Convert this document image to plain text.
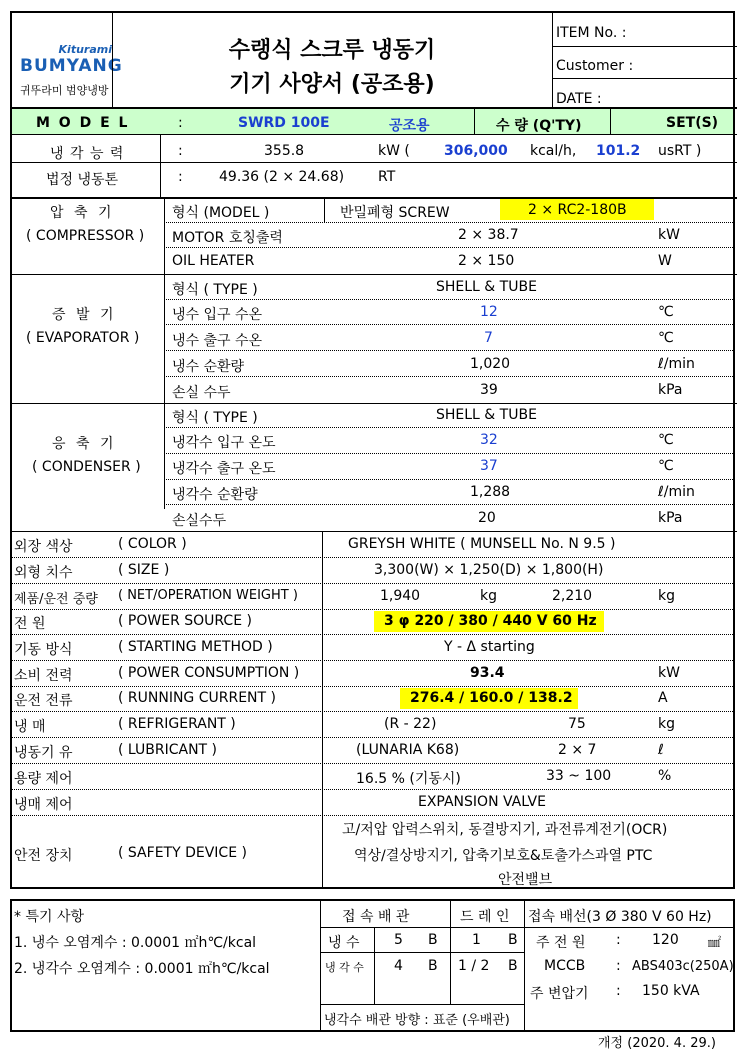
Kiturami
BUMYANG
귀뚜라미 범양냉방
수랭식 스크루 냉동기
기기 사양서 (공조용)
ITEM No. :
Customer :
DATE :
M O D E L	:	SWRD 100E	공조용	수 량 (Q'TY)	SET(S)
냉 각 능 력	:	355.8	kW ( 306,000 kcal/h, 101.2 usRT )
법정 냉동톤	:	49.36 (2 × 24.68) RT
압 축 기
( COMPRESSOR )
형식 (MODEL )	반밀폐형 SCREW	2 × RC2-180B
MOTOR 호칭출력	2 × 38.7	kW
OIL HEATER	2 × 150	W
증 발 기
( EVAPORATOR )
형식 ( TYPE )	SHELL & TUBE
냉수 입구 수온	12	℃
냉수 출구 수온	7	℃
냉수 순환량	1,020	ℓ/min
손실 수두	39	kPa
응 축 기
( CONDENSER )
형식 ( TYPE )	SHELL & TUBE
냉각수 입구 온도	32	℃
냉각수 출구 온도	37	℃
냉각수 순환량	1,288	ℓ/min
손실수두	20	kPa
외장 색상	( COLOR )	GREYSH WHITE ( MUNSELL No. N 9.5 )
외형 치수	( SIZE )	3,300(W) × 1,250(D) × 1,800(H)
제품/운전 중량 ( NET/OPERATION WEIGHT )	1,940	kg	2,210	kg
전 원	( POWER SOURCE )	3 φ 220 / 380 / 440 V 60 Hz
기동 방식	( STARTING METHOD )	Y - Δ starting
소비 전력	( POWER CONSUMPTION )	93.4	kW
운전 전류	( RUNNING CURRENT )	276.4 / 160.0 / 138.2	A
냉 매	( REFRIGERANT )	(R - 22)	75	kg
냉동기 유	( LUBRICANT )	(LUNARIA K68)	2 × 7	ℓ
용량 제어	16.5 % (기동시)	33 ~ 100	%
냉매 제어	EXPANSION VALVE
안전 장치	( SAFETY DEVICE )
고/저압 압력스위치, 동결방지기, 과전류계전기(OCR)
역상/결상방지기, 압축기보호&토출가스과열 PTC
안전밸브
* 특기 사항
1. 냉수 오염계수 : 0.0001 ㎡h℃/kcal
2. 냉각수 오염계수 : 0.0001 ㎡h℃/kcal
접 속 배 관	드 레 인
냉 수 5 B 1 B
냉 각 수 4 B 1 / 2 B
냉각수 배관 방향 : 표준 (우배관)
접속 배선(3 Ø 380 V 60 Hz)
주 전 원 : 120 ㎟
MCCB : ABS403c(250A)
주 변압기 : 150 kVA
개정 (2020. 4. 29.)
